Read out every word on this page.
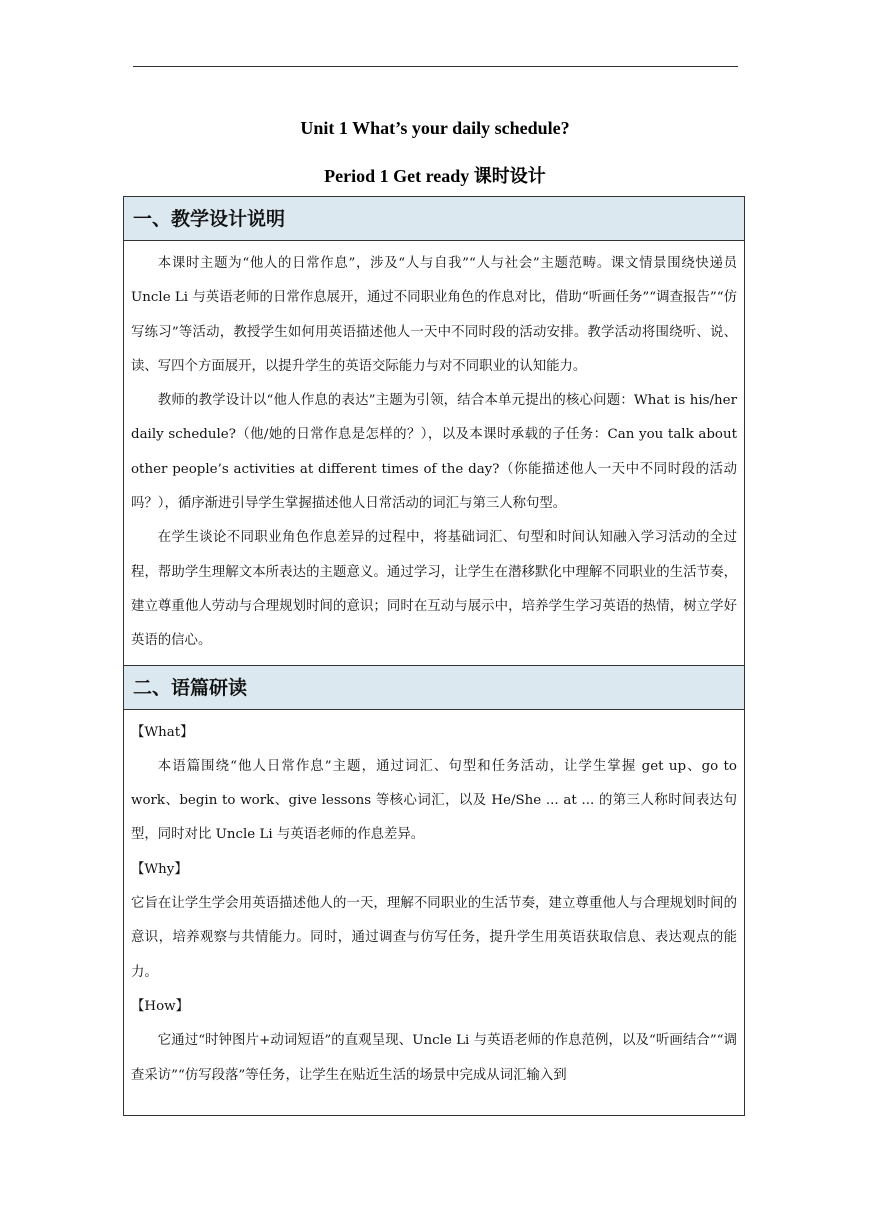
Unit 1 What’s your daily schedule?
Period 1 Get ready 课时设计
一、教学设计说明

本课时主题为“他人的日常作息”，涉及“人与自我”“人与社会”主题范畴。课文情景围绕快递员 Uncle Li 与英语老师的日常作息展开，通过不同职业角色的作息对比，借助“听画任务”“调查报告”“仿写练习”等活动，教授学生如何用英语描述他人一天中不同时段的活动安排。教学活动将围绕听、说、读、写四个方面展开，以提升学生的英语交际能力与对不同职业的认知能力。

教师的教学设计以“他人作息的表达”主题为引领，结合本单元提出的核心问题：What is his/her daily schedule?（他/她的日常作息是怎样的？），以及本课时承载的子任务：Can you talk about other people’s activities at different times of the day?（你能描述他人一天中不同时段的活动吗？），循序渐进引导学生掌握描述他人日常活动的词汇与第三人称句型。

在学生谈论不同职业角色作息差异的过程中，将基础词汇、句型和时间认知融入学习活动的全过程，帮助学生理解文本所表达的主题意义。通过学习，让学生在潜移默化中理解不同职业的生活节奏，建立尊重他人劳动与合理规划时间的意识；同时在互动与展示中，培养学生学习英语的热情，树立学好英语的信心。

二、语篇研读

【What】

本语篇围绕“他人日常作息”主题，通过词汇、句型和任务活动，让学生掌握 get up、go to work、begin to work、give lessons 等核心词汇，以及 He/She ... at ... 的第三人称时间表达句型，同时对比 Uncle Li 与英语老师的作息差异。

【Why】

它旨在让学生学会用英语描述他人的一天，理解不同职业的生活节奏，建立尊重他人与合理规划时间的意识，培养观察与共情能力。同时，通过调查与仿写任务，提升学生用英语获取信息、表达观点的能力。

【How】

它通过“时钟图片+动词短语”的直观呈现、Uncle Li 与英语老师的作息范例，以及“听画结合”“调查采访”“仿写段落”等任务，让学生在贴近生活的场景中完成从词汇输入到
